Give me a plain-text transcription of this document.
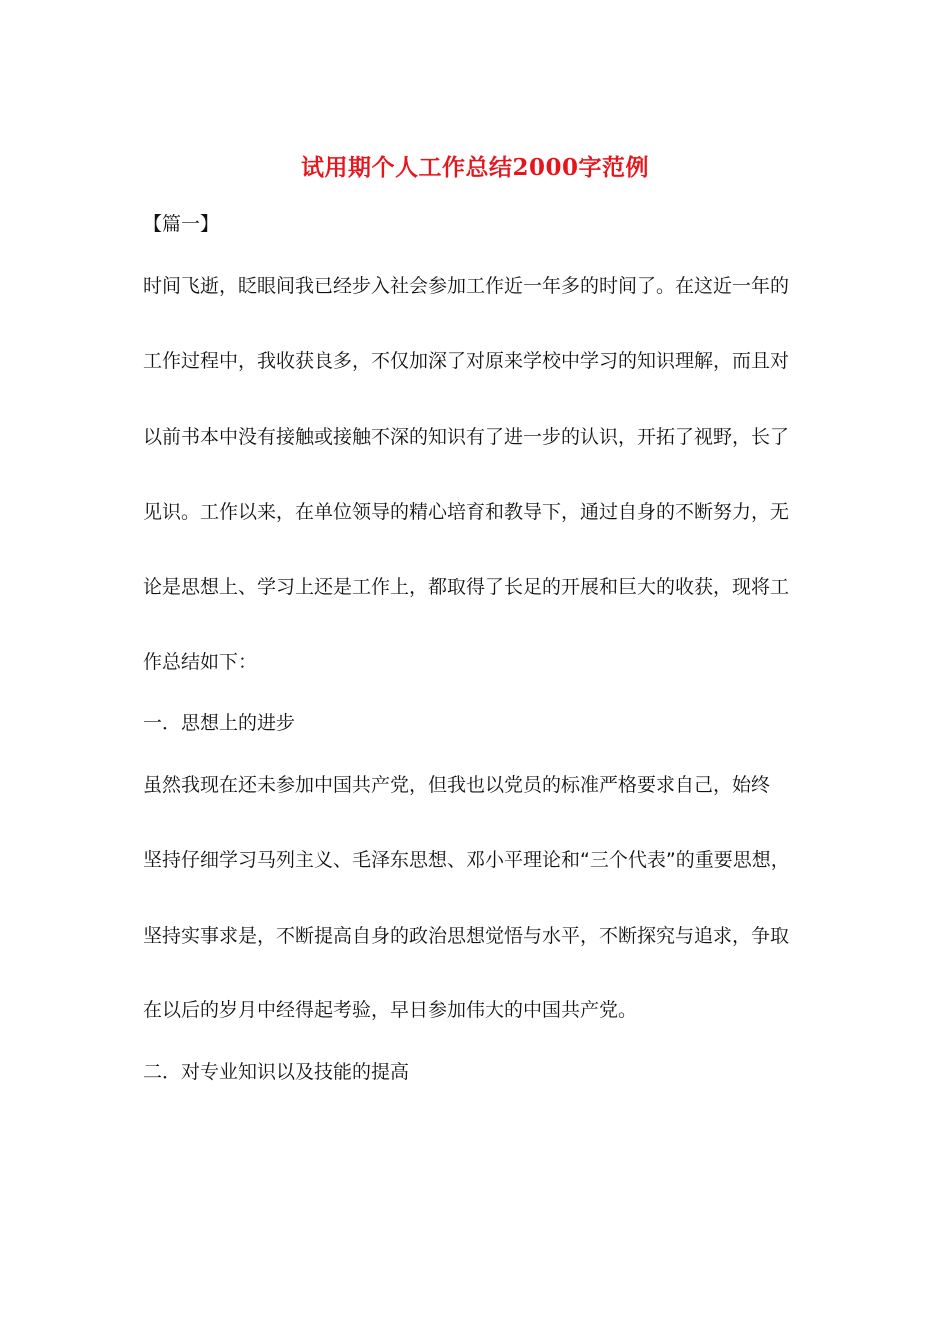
试用期个人工作总结2000字范例
【篇一】
时间飞逝，眨眼间我已经步入社会参加工作近一年多的时间了。在这近一年的
工作过程中，我收获良多，不仅加深了对原来学校中学习的知识理解，而且对
以前书本中没有接触或接触不深的知识有了进一步的认识，开拓了视野，长了
见识。工作以来，在单位领导的精心培育和教导下，通过自身的不断努力，无
论是思想上、学习上还是工作上，都取得了长足的开展和巨大的收获，现将工
作总结如下：
一．思想上的进步
虽然我现在还未参加中国共产党，但我也以党员的标准严格要求自己，始终
坚持仔细学习马列主义、毛泽东思想、邓小平理论和“三个代表”的重要思想，
坚持实事求是，不断提高自身的政治思想觉悟与水平，不断探究与追求，争取
在以后的岁月中经得起考验，早日参加伟大的中国共产党。
二．对专业知识以及技能的提高
